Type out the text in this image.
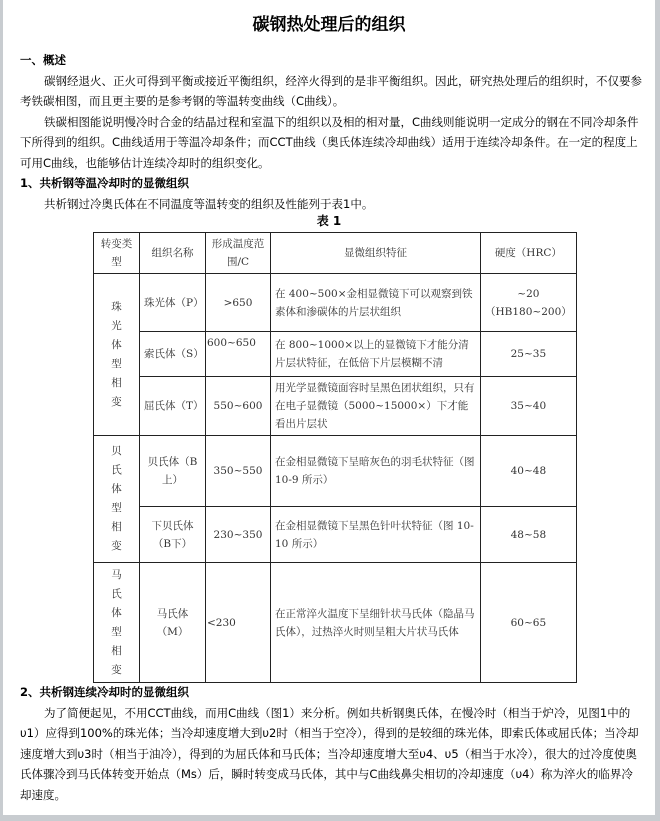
碳钢热处理后的组织
一、概述

碳钢经退火、正火可得到平衡或接近平衡组织，经淬火得到的是非平衡组织。因此，研究热处理后的组织时，不仅要参考铁碳相图，而且更主要的是参考钢的等温转变曲线（C曲线）。

铁碳相图能说明慢冷时合金的结晶过程和室温下的组织以及相的相对量，C曲线则能说明一定成分的钢在不同冷却条件下所得到的组织。C曲线适用于等温冷却条件；而CCT曲线（奥氏体连续冷却曲线）适用于连续冷却条件。在一定的程度上可用C曲线，也能够估计连续冷却时的组织变化。

1、共析钢等温冷却时的显微组织

共析钢过冷奥氏体在不同温度等温转变的组织及性能列于表1中。

表 1
转变类型	组织名称	形成温度范围/C	显微组织特征	硬度（HRC）
珠光体型相变	珠光体（P）	>650	在 400~500×金相显微镜下可以观察到铁素体和渗碳体的片层状组织	~20（HB180~200）
	索氏体（S）	600~650	在 800~1000×以上的显微镜下才能分清片层状特征，在低倍下片层模糊不清	25~35
	屈氏体（T）	550~600	用光学显微镜面容时呈黑色团状组织，只有在电子显微镜（5000~15000×）下才能看出片层状	35~40
贝氏体型相变	贝氏体（B上）	350~550	在金相显微镜下呈暗灰色的羽毛状特征（图 10-9 所示）	40~48
	下贝氏体（B下）	230~350	在金相显微镜下呈黑色针叶状特征（图 10-10 所示）	48~58
马氏体型相变	马氏体（M）	<230	在正常淬火温度下呈细针状马氏体（隐晶马氏体），过热淬火时则呈粗大片状马氏体	60~65
2、共析钢连续冷却时的显微组织

为了简便起见，不用CCT曲线，而用C曲线（图1）来分析。例如共析钢奥氏体，在慢冷时（相当于炉冷，见图1中的υ1）应得到100%的珠光体；当冷却速度增大到υ2时（相当于空冷），得到的是较细的珠光体，即索氏体或屈氏体；当冷却速度增大到υ3时（相当于油冷），得到的为屈氏体和马氏体；当冷却速度增大至υ4、υ5（相当于水冷），很大的过冷度使奥氏体骤冷到马氏体转变开始点（Ms）后，瞬时转变成马氏体，其中与C曲线鼻尖相切的冷却速度（υ4）称为淬火的临界冷却速度。
